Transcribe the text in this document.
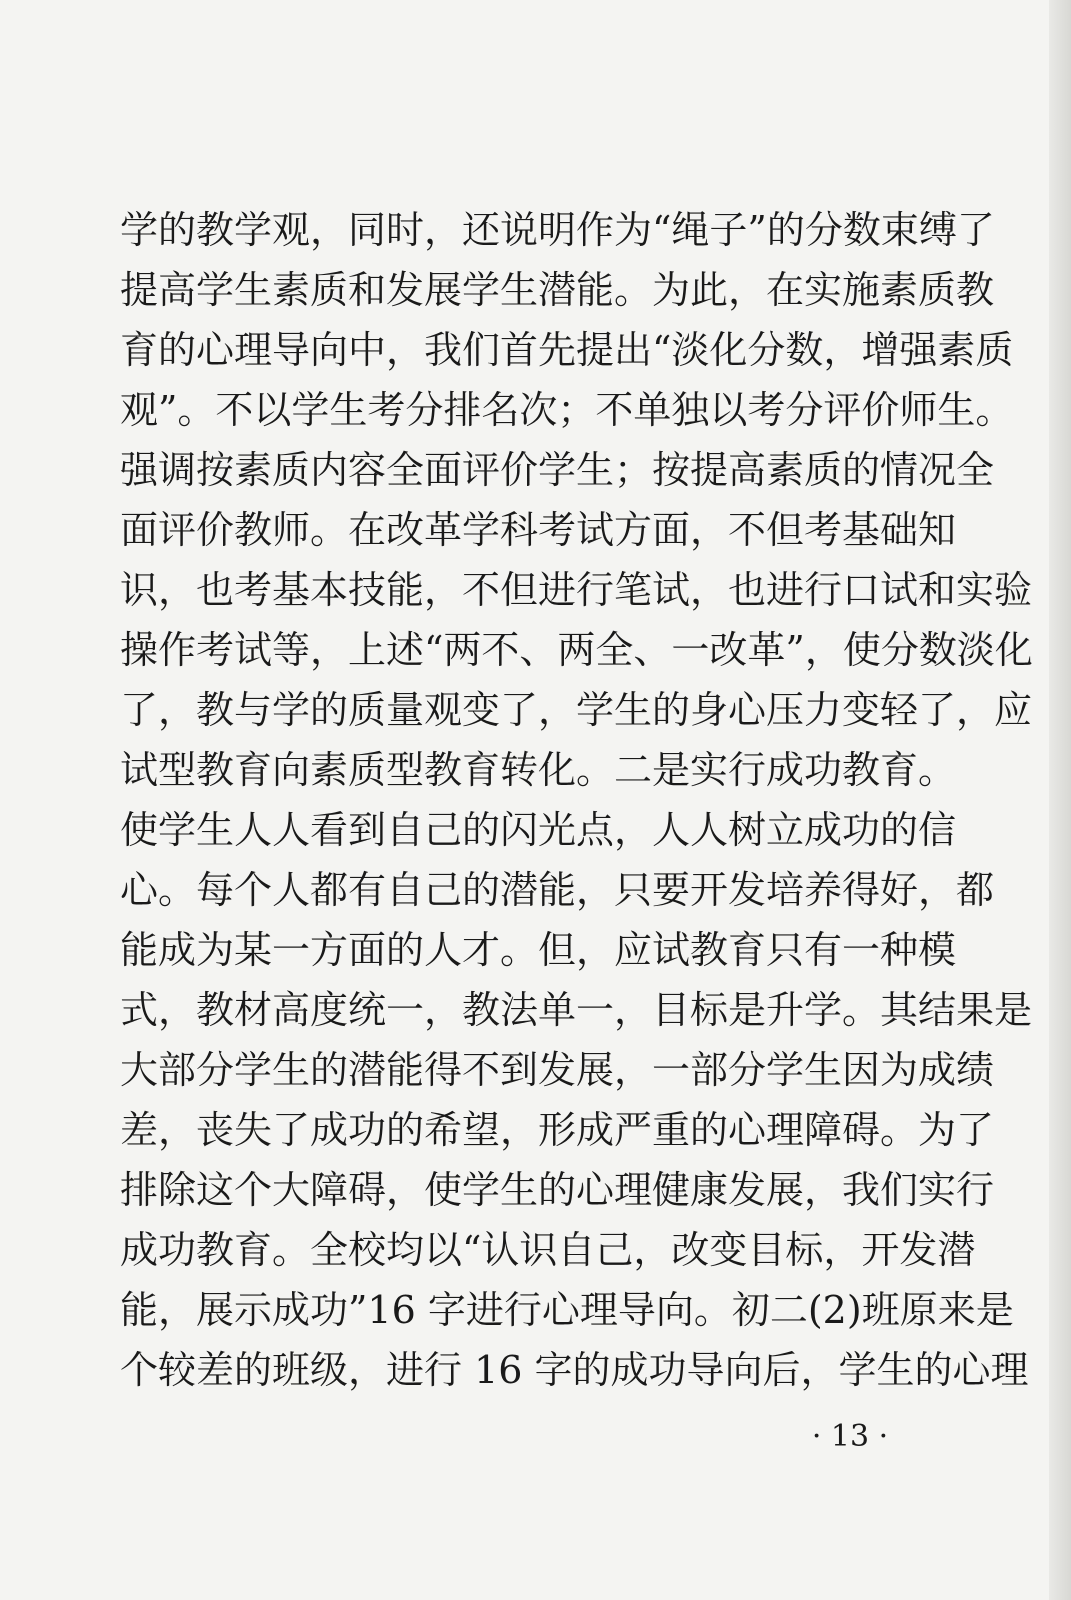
学的教学观，同时，还说明作为“绳子”的分数束缚了
提高学生素质和发展学生潜能。为此，在实施素质教
育的心理导向中，我们首先提出“淡化分数，增强素质
观”。不以学生考分排名次；不单独以考分评价师生。
强调按素质内容全面评价学生；按提高素质的情况全
面评价教师。在改革学科考试方面，不但考基础知
识，也考基本技能，不但进行笔试，也进行口试和实验
操作考试等，上述“两不、两全、一改革”，使分数淡化
了，教与学的质量观变了，学生的身心压力变轻了，应
试型教育向素质型教育转化。二是实行成功教育。
使学生人人看到自己的闪光点，人人树立成功的信
心。每个人都有自己的潜能，只要开发培养得好，都
能成为某一方面的人才。但，应试教育只有一种模
式，教材高度统一，教法单一，目标是升学。其结果是
大部分学生的潜能得不到发展，一部分学生因为成绩
差，丧失了成功的希望，形成严重的心理障碍。为了
排除这个大障碍，使学生的心理健康发展，我们实行
成功教育。全校均以“认识自己，改变目标，开发潜
能，展示成功”16 字进行心理导向。初二(2)班原来是
个较差的班级，进行 16 字的成功导向后，学生的心理
· 13 ·
